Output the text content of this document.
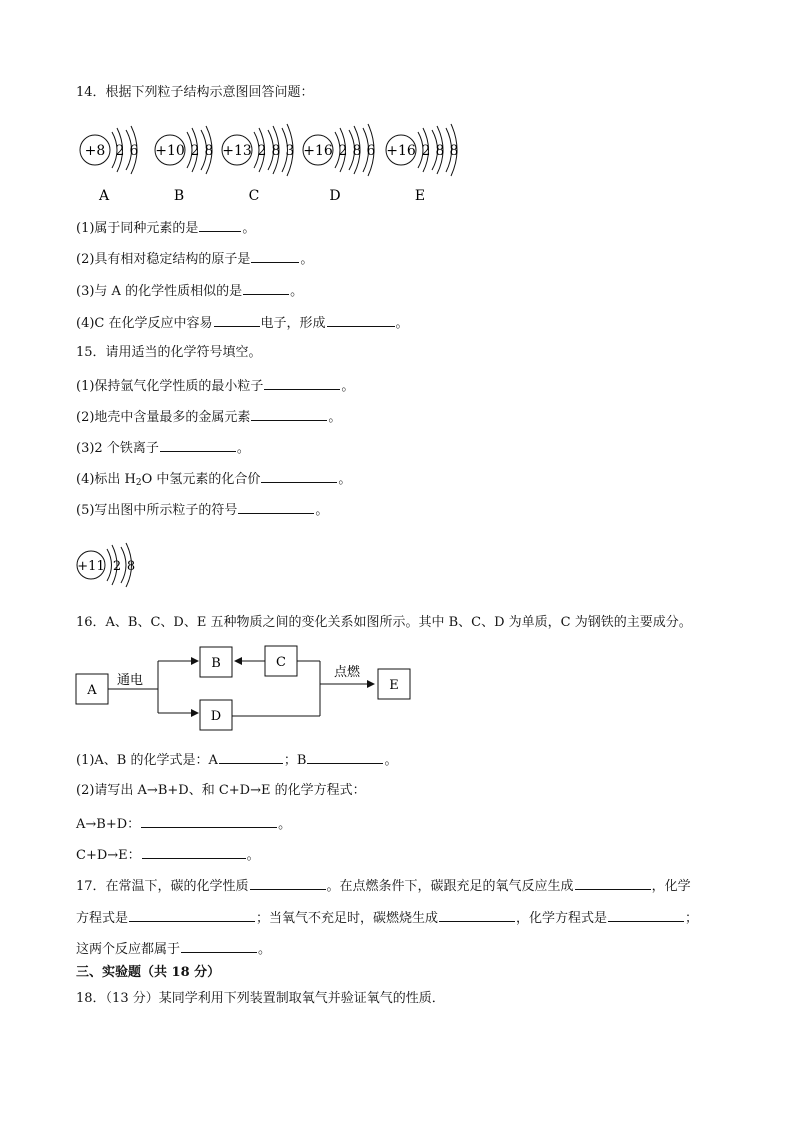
14．根据下列粒子结构示意图回答问题：
+8 2 6
A
+10 2 8
B
+13 2 8 3
C
+16 2 8 6
D
+16 2 8 8
E
(1)属于同种元素的是	。
(2)具有相对稳定结构的原子是	。
(3)与 A 的化学性质相似的是	。
(4)C 在化学反应中容易	电子，形成	。
15．请用适当的化学符号填空。
(1)保持氩气化学性质的最小粒子	。
(2)地壳中含量最多的金属元素	。
(3)2 个铁离子	。
(4)标出 $H_2O$ 中氢元素的化合价	。
(5)写出图中所示粒子的符号	。
+11 2 8
16．A、B、C、D、E 五种物质之间的变化关系如图所示。其中 B、C、D 为单质，C 为钢铁的主要成分。
A
通电
B
D
C
点燃
E
(1)A、B 的化学式是：A	；B	。
(2)请写出 A→B+D、和 C+D→E 的化学方程式：
A→B+D：	。
C+D→E：	。
17．在常温下，碳的化学性质	。在点燃条件下，碳跟充足的氧气反应生成	，化学
方程式是	；当氧气不充足时，碳燃烧生成	，化学方程式是	；
这两个反应都属于	。
三、实验题（共 18 分）
18．（13 分）某同学利用下列装置制取氧气并验证氧气的性质．
